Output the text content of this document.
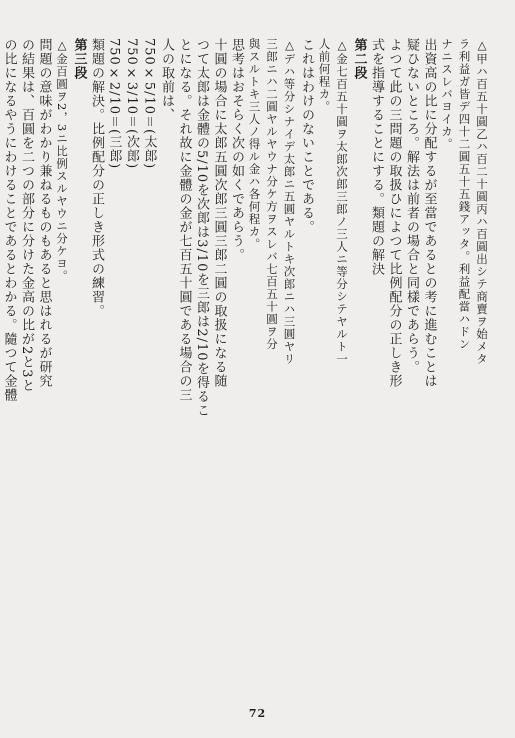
△甲ハ百五十圓乙ハ百二十圓丙ハ百圓出シテ商賣ヲ始メタ
ラ利益ガ皆デ四十二圓五十五錢アッタ。利益配當ハドン
ナニスレバヨイカ。
出資高の比に分配するが至當であるとの考に進むことは
疑ひないところ。解法は前者の場合と同樣であらう。
よつて此の三問題の取扱ひによつて比例配分の正しき形
式を指導することにする。類題の解決
第二段
△金七百五十圓ヲ太郎次郎三郎ノ三人ニ等分シテヤルト一
人前何程カ。
これはわけのないことである。
△デハ等分シナイデ太郎ニ五圓ヤルトキ次郎ニハ三圓ヤリ
三郎ニハ二圓ヤルヤウナ分ケ方ヲスレバ七百五十圓ヲ分
與スルトキ三人ノ得ル金ハ各何程カ。
思考はおそらく次の如くであらう。
十圓の場合に太郎五圓次郎三圓三郎二圓の取扱になる随
つて太郎は金體の5/10を次郎は3/10を三郎は2/10を得るこ
とになる。それ故に金體の金が七百五十圓である場合の三
人の取前は、
750×5/10＝(太郎)
750×3/10＝(次郎)
750×2/10＝(三郎)
類題の解決。比例配分の正しき形式の練習。
第三段
△金百圓ヲ2，3ニ比例スルヤウニ分ケヨ。
問題の意味がわかり兼ねるものもあると思はれるが研究
の結果は、百圓を二つの部分に分けた金高の比が2と3と
の比になるやうにわけることであるとわかる。隨つて金體
72
